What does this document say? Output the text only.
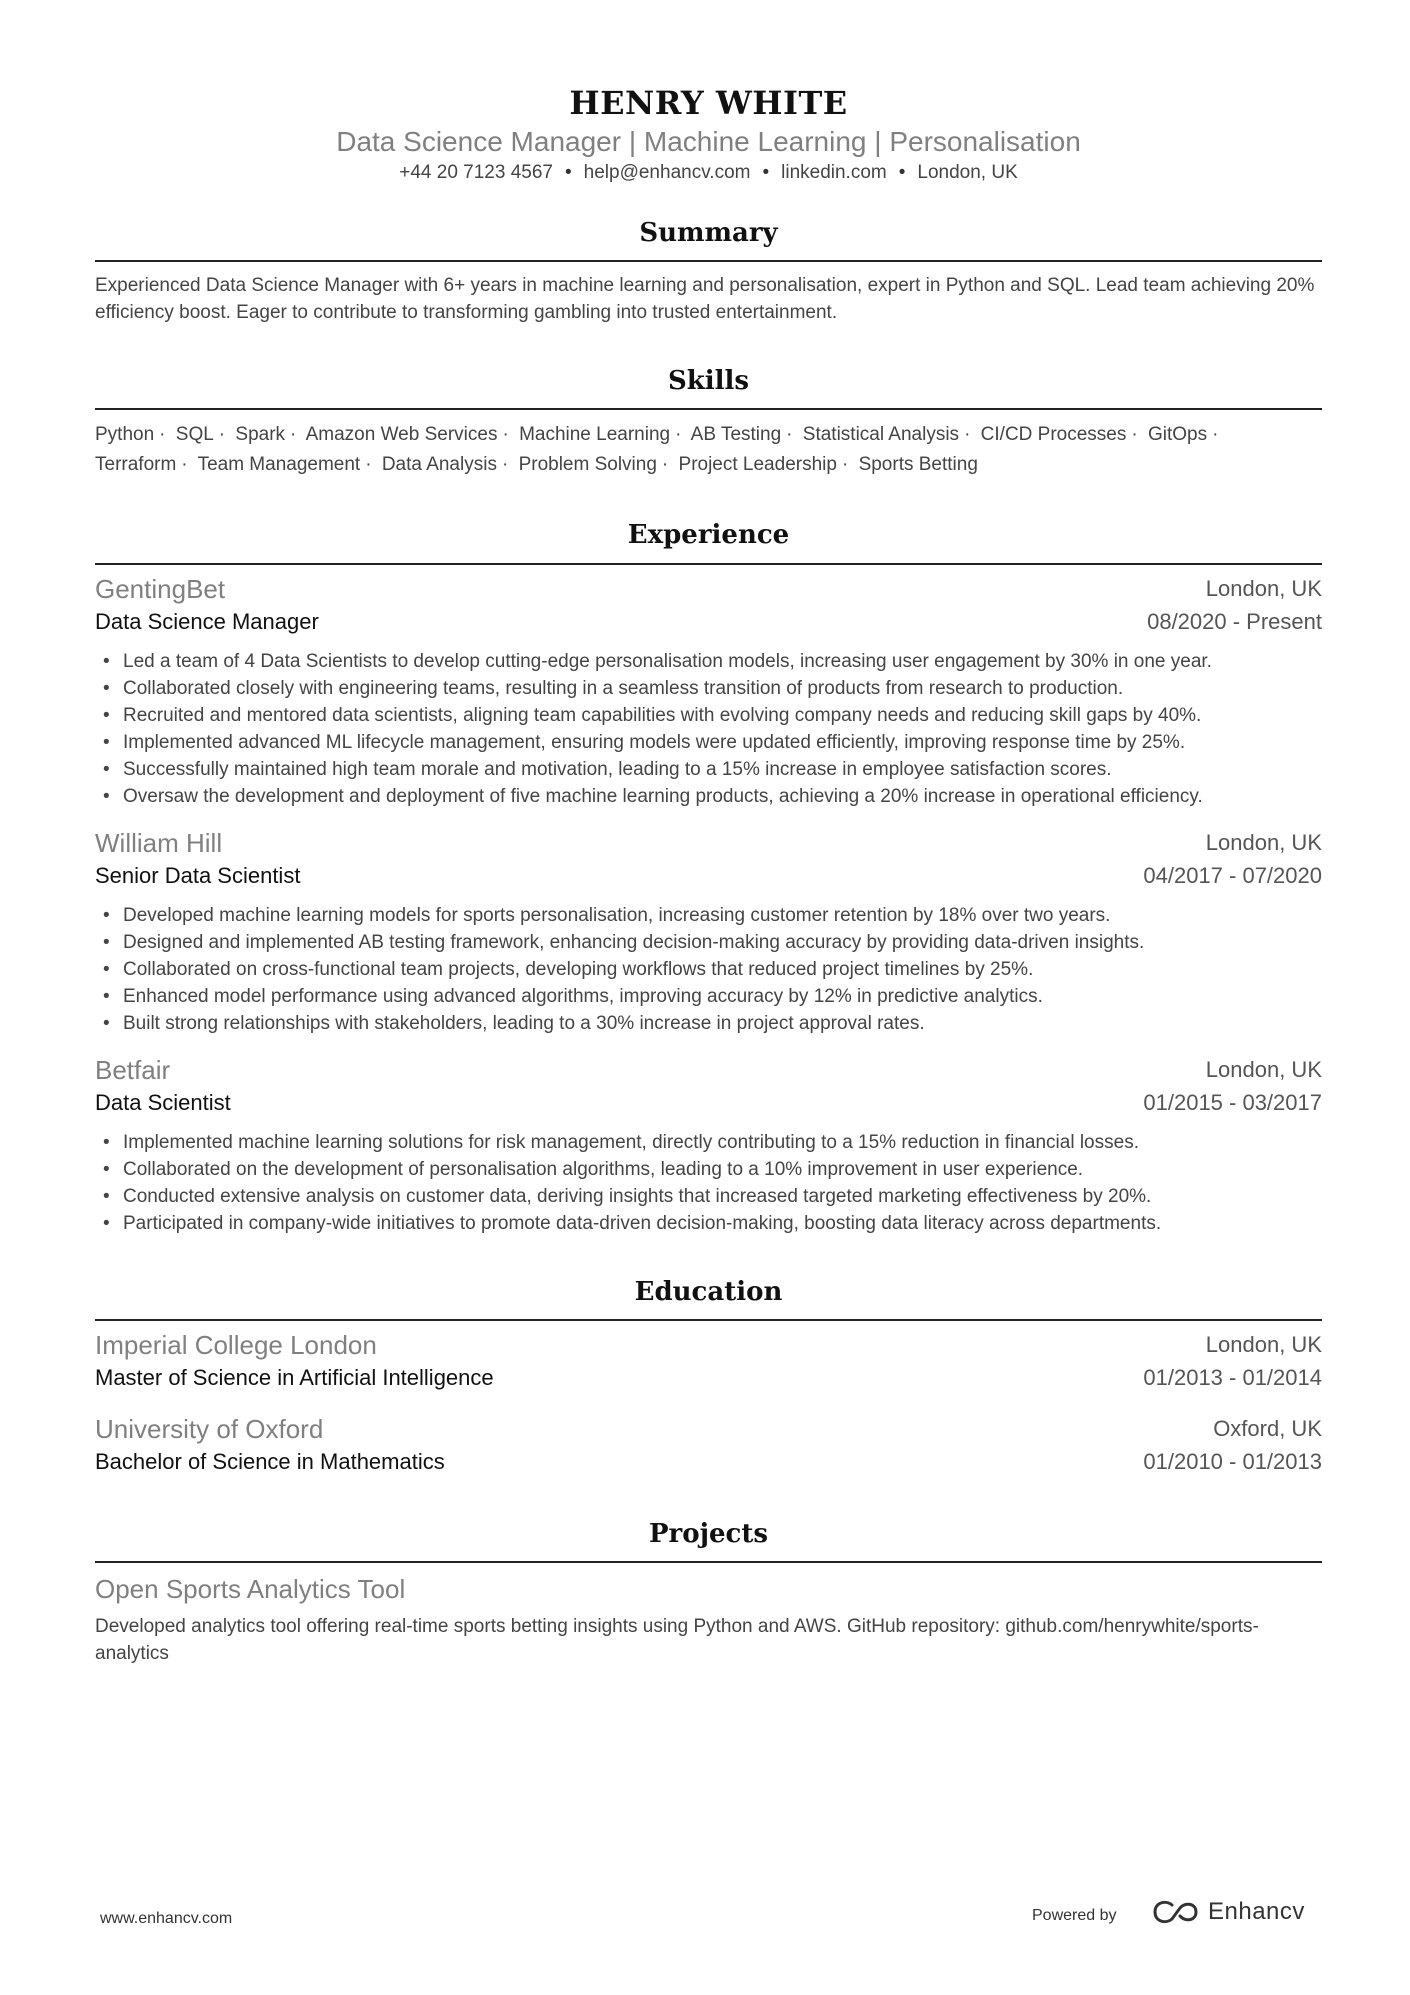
HENRY WHITE
Data Science Manager | Machine Learning | Personalisation
+44 20 7123 4567 • help@enhancv.com • linkedin.com • London, UK
Summary
Experienced Data Science Manager with 6+ years in machine learning and personalisation, expert in Python and SQL. Lead team achieving 20% efficiency boost. Eager to contribute to transforming gambling into trusted entertainment.
Skills
Python · SQL · Spark · Amazon Web Services · Machine Learning · AB Testing · Statistical Analysis · CI/CD Processes · GitOps · Terraform · Team Management · Data Analysis · Problem Solving · Project Leadership · Sports Betting
Experience
GentingBet	London, UK
Data Science Manager	08/2020 - Present
• Led a team of 4 Data Scientists to develop cutting-edge personalisation models, increasing user engagement by 30% in one year.
• Collaborated closely with engineering teams, resulting in a seamless transition of products from research to production.
• Recruited and mentored data scientists, aligning team capabilities with evolving company needs and reducing skill gaps by 40%.
• Implemented advanced ML lifecycle management, ensuring models were updated efficiently, improving response time by 25%.
• Successfully maintained high team morale and motivation, leading to a 15% increase in employee satisfaction scores.
• Oversaw the development and deployment of five machine learning products, achieving a 20% increase in operational efficiency.
William Hill	London, UK
Senior Data Scientist	04/2017 - 07/2020
• Developed machine learning models for sports personalisation, increasing customer retention by 18% over two years.
• Designed and implemented AB testing framework, enhancing decision-making accuracy by providing data-driven insights.
• Collaborated on cross-functional team projects, developing workflows that reduced project timelines by 25%.
• Enhanced model performance using advanced algorithms, improving accuracy by 12% in predictive analytics.
• Built strong relationships with stakeholders, leading to a 30% increase in project approval rates.
Betfair	London, UK
Data Scientist	01/2015 - 03/2017
• Implemented machine learning solutions for risk management, directly contributing to a 15% reduction in financial losses.
• Collaborated on the development of personalisation algorithms, leading to a 10% improvement in user experience.
• Conducted extensive analysis on customer data, deriving insights that increased targeted marketing effectiveness by 20%.
• Participated in company-wide initiatives to promote data-driven decision-making, boosting data literacy across departments.
Education
Imperial College London	London, UK
Master of Science in Artificial Intelligence	01/2013 - 01/2014
University of Oxford	Oxford, UK
Bachelor of Science in Mathematics	01/2010 - 01/2013
Projects
Open Sports Analytics Tool
Developed analytics tool offering real-time sports betting insights using Python and AWS. GitHub repository: github.com/henrywhite/sports-analytics
www.enhancv.com	Powered by	Enhancv
